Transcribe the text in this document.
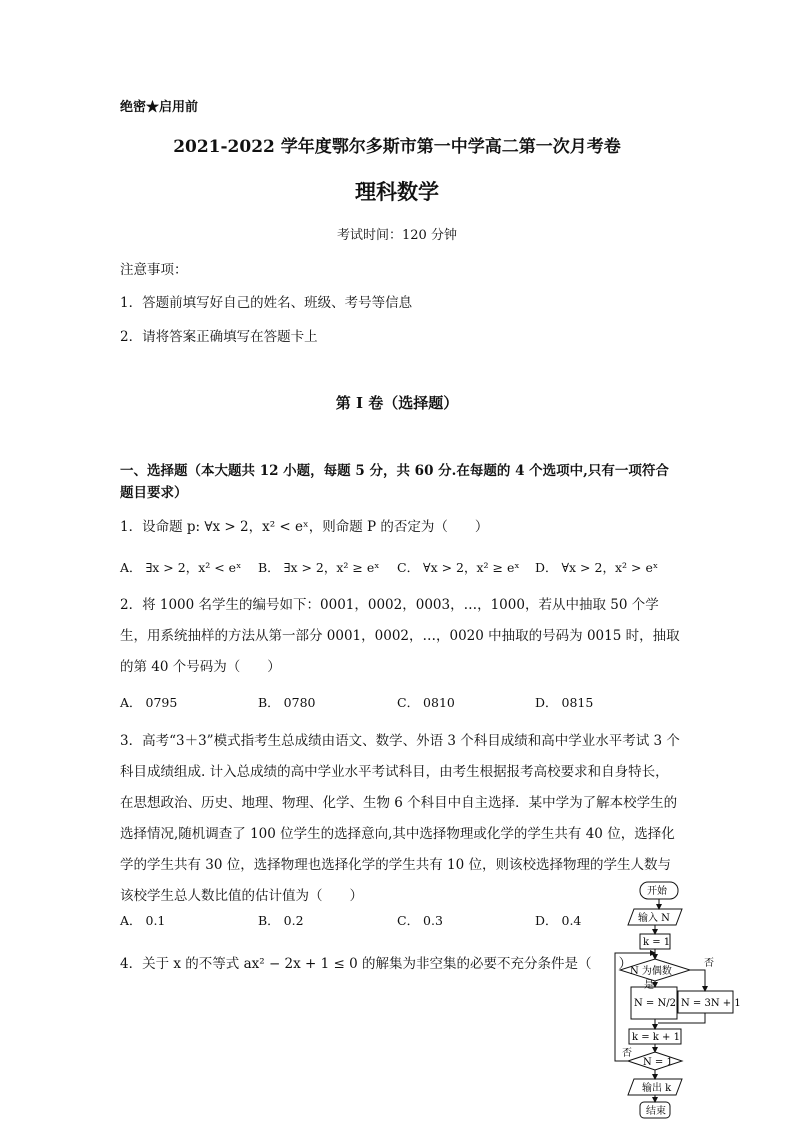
绝密★启用前
2021-2022 学年度鄂尔多斯市第一中学高二第一次月考卷
理科数学
考试时间：120 分钟
注意事项：
1．答题前填写好自己的姓名、班级、考号等信息
2．请将答案正确填写在答题卡上
第 I 卷（选择题）
一、选择题（本大题共 12 小题，每题 5 分，共 60 分.在每题的 4 个选项中,只有一项符合题目要求）
1．设命题 p: ∀x > 2，x² < eˣ，则命题 P 的否定为（　　）
A． ∃x > 2，x² < eˣ B． ∃x > 2，x² ≥ eˣ C． ∀x > 2，x² ≥ eˣ D． ∀x > 2，x² > eˣ
2．将 1000 名学生的编号如下：0001，0002，0003，…，1000，若从中抽取 50 个学生，用系统抽样的方法从第一部分 0001，0002，…，0020 中抽取的号码为 0015 时，抽取的第 40 个号码为（　　）
A． 0795	B． 0780	C． 0810	D． 0815
3．高考“3＋3”模式指考生总成绩由语文、数学、外语 3 个科目成绩和高中学业水平考试 3 个科目成绩组成. 计入总成绩的高中学业水平考试科目，由考生根据报考高校要求和自身特长，在思想政治、历史、地理、物理、化学、生物 6 个科目中自主选择．某中学为了解本校学生的选择情况,随机调查了 100 位学生的选择意向,其中选择物理或化学的学生共有 40 位，选择化学的学生共有 30 位，选择物理也选择化学的学生共有 10 位，则该校选择物理的学生人数与该校学生总人数比值的估计值为（　　）
A． 0.1	B． 0.2	C． 0.3	D． 0.4
4．关于 x 的不等式 ax² − 2x + 1 ≤ 0 的解集为非空集的必要不充分条件是（　　）
开始
输入 N
k = 1
N 为偶数
是
否
N = N/2 N = 3N + 1
k = k + 1
N = 1
否
输出 k
结束
